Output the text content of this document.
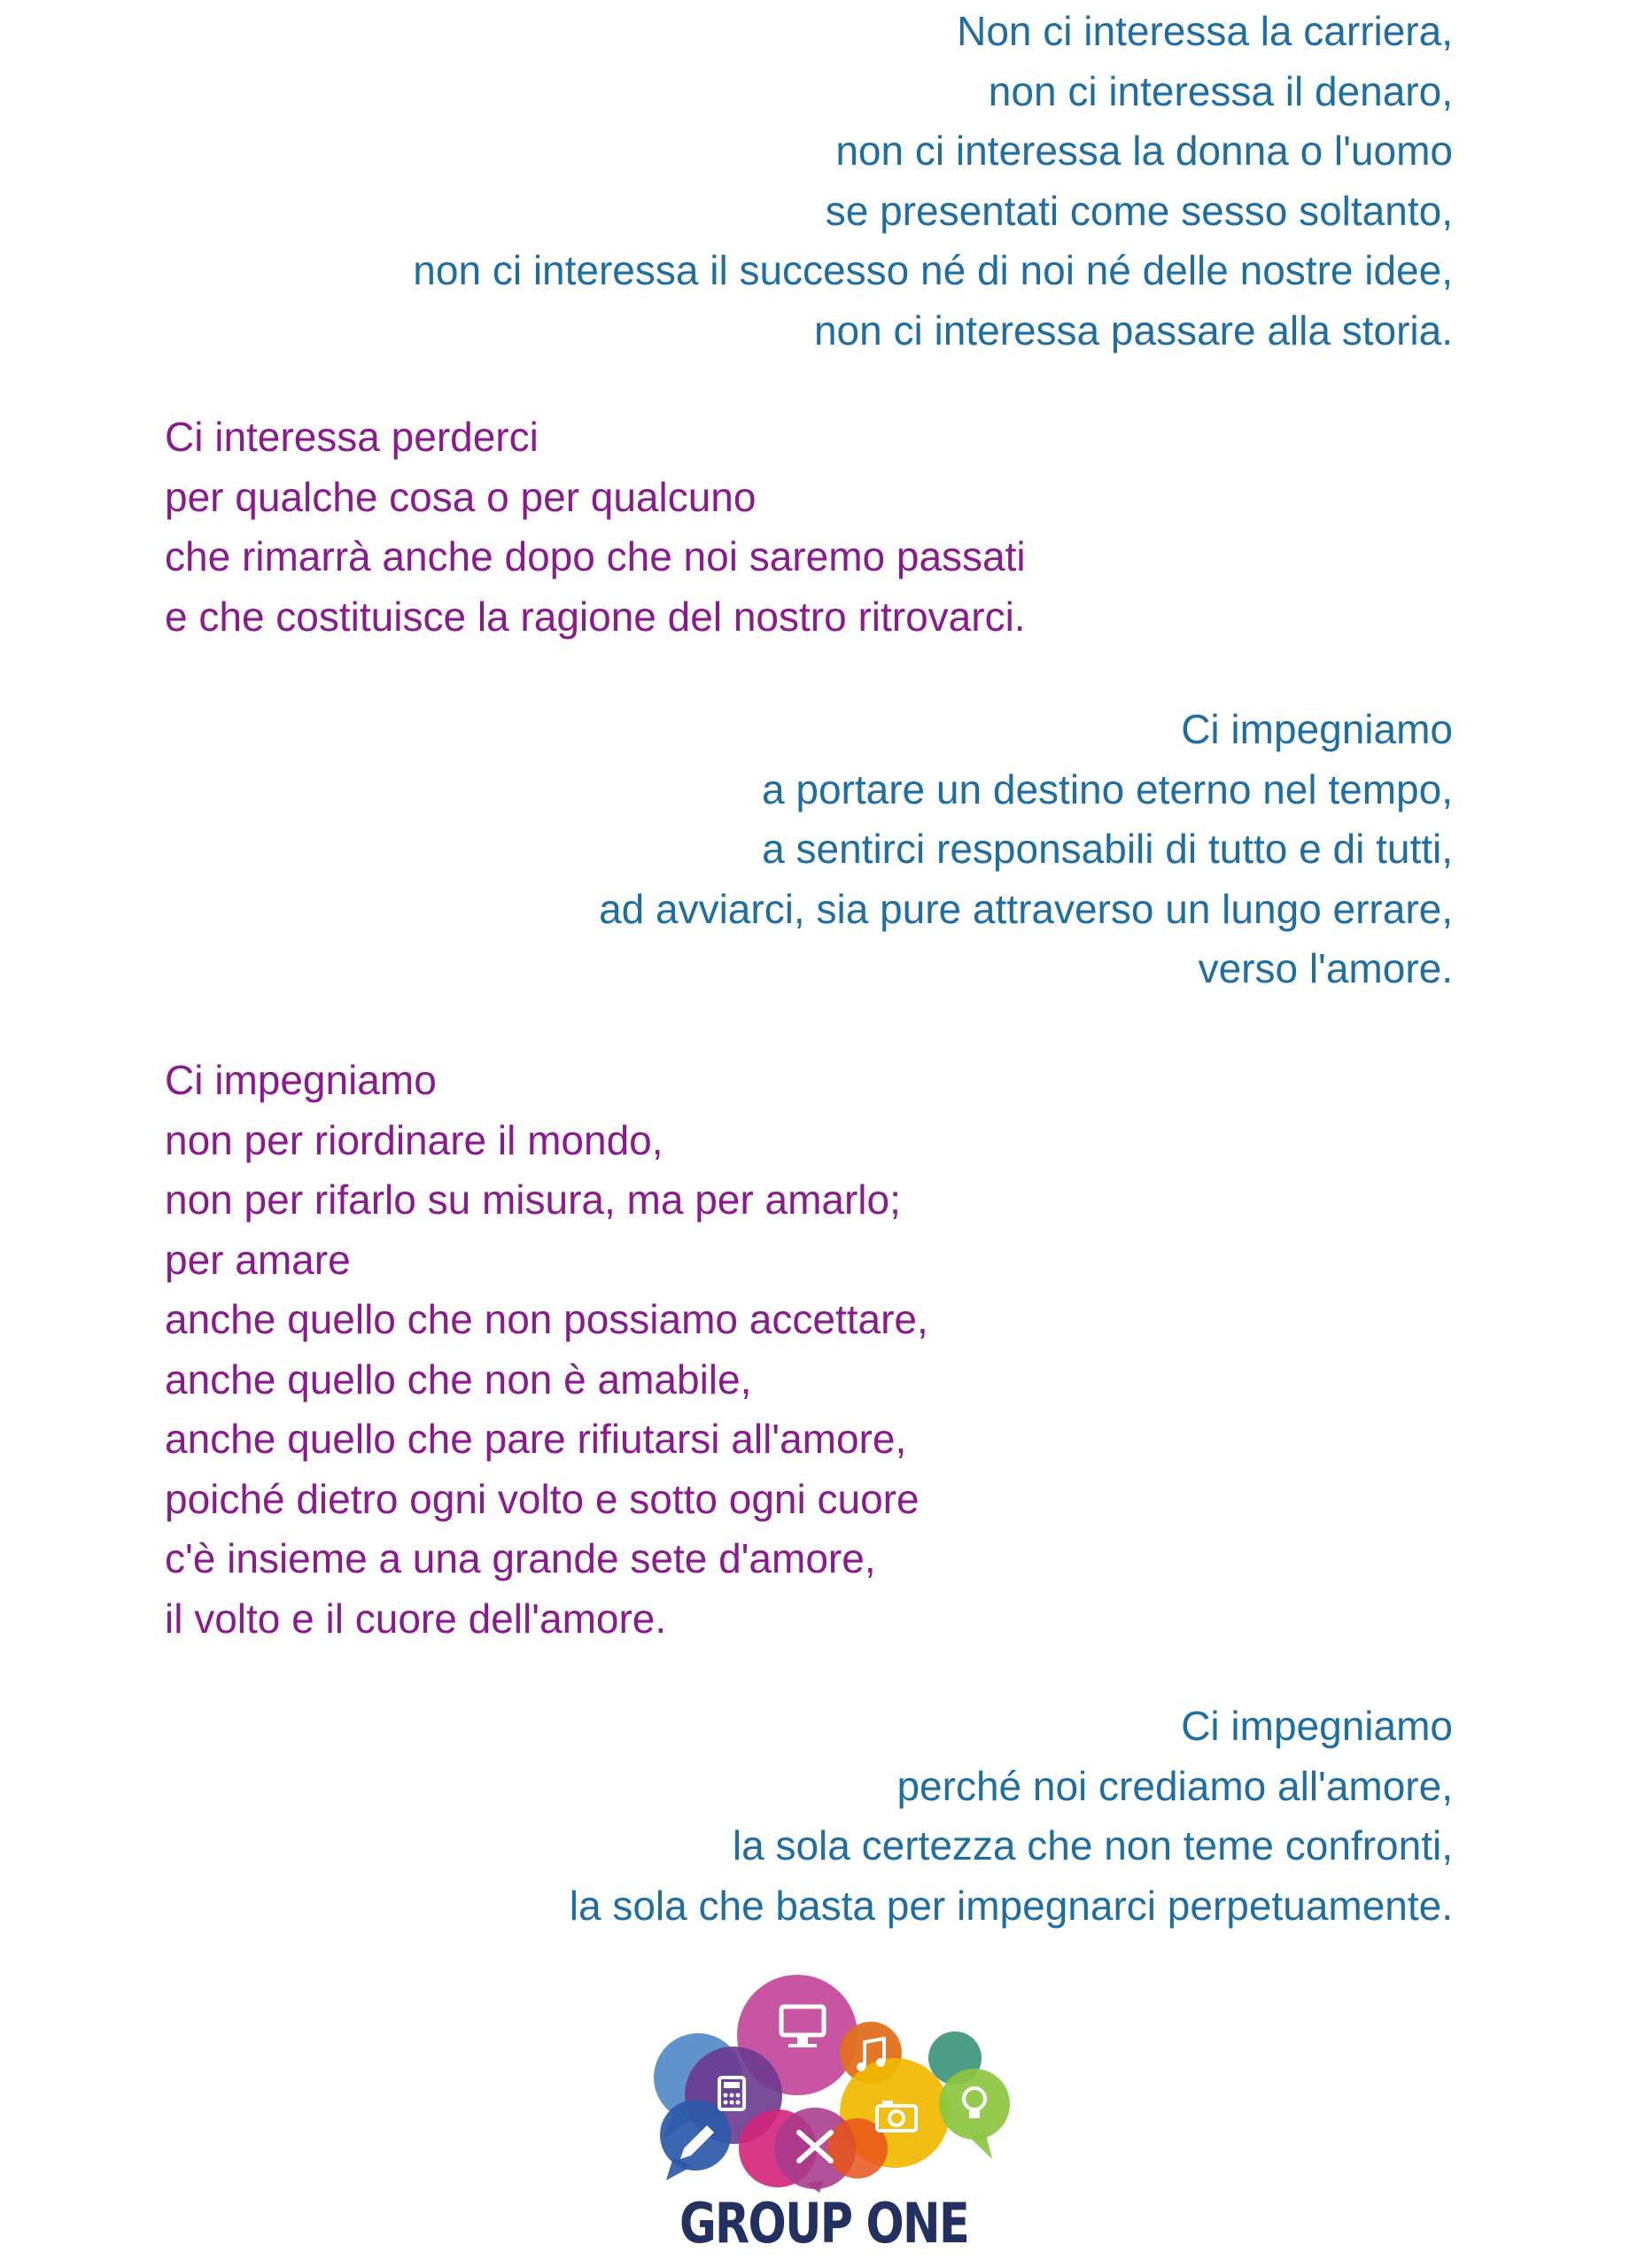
Non ci interessa la carriera,
non ci interessa il denaro,
non ci interessa la donna o l'uomo
se presentati come sesso soltanto,
non ci interessa il successo né di noi né delle nostre idee,
non ci interessa passare alla storia.
Ci interessa perderci
per qualche cosa o per qualcuno
che rimarrà anche dopo che noi saremo passati
e che costituisce la ragione del nostro ritrovarci.
Ci impegniamo
a portare un destino eterno nel tempo,
a sentirci responsabili di tutto e di tutti,
ad avviarci, sia pure attraverso un lungo errare,
verso l'amore.
Ci impegniamo
non per riordinare il mondo,
non per rifarlo su misura, ma per amarlo;
per amare
anche quello che non possiamo accettare,
anche quello che non è amabile,
anche quello che pare rifiutarsi all'amore,
poiché dietro ogni volto e sotto ogni cuore
c'è insieme a una grande sete d'amore,
il volto e il cuore dell'amore.
Ci impegniamo
perché noi crediamo all'amore,
la sola certezza che non teme confronti,
la sola che basta per impegnarci perpetuamente.
GROUP ONE
